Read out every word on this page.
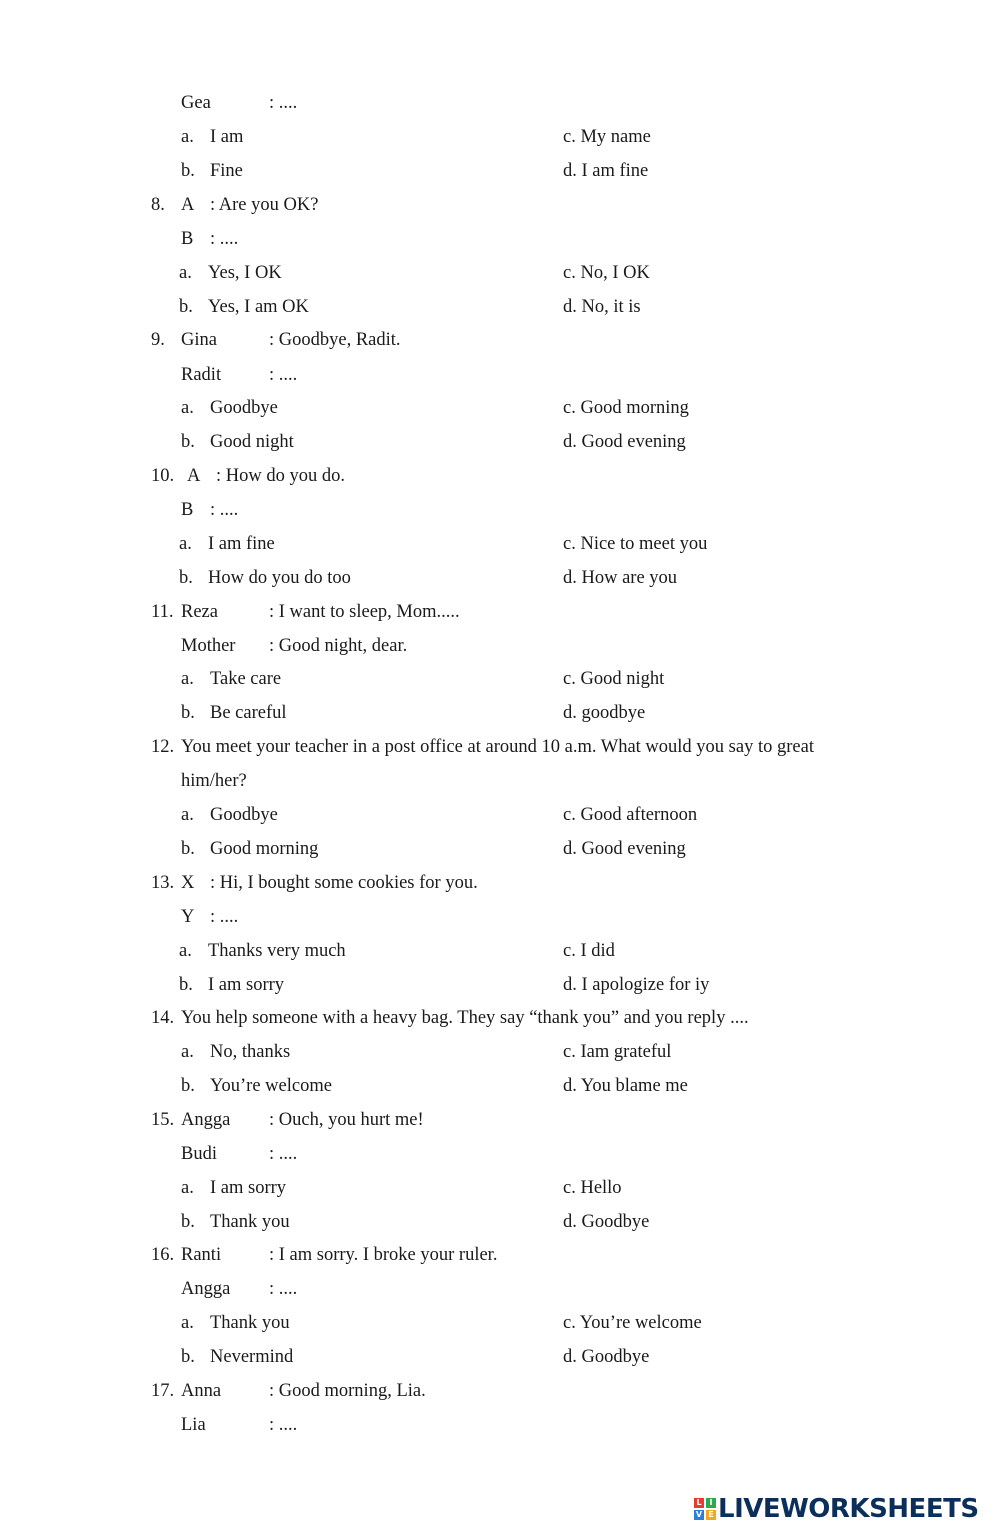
Gea	: ....
a. I am
b. Fine
c. My name
d. I am fine
8. A : Are you OK?
B : ....
a. Yes, I OK
b. Yes, I am OK
c. No, I OK
d. No, it is
9. Gina	: Goodbye, Radit.
Radit	: ....
a. Goodbye
b. Good night
c. Good morning
d. Good evening
10. A : How do you do.
B : ....
a. I am fine
b. How do you do too
c. Nice to meet you
d. How are you
11. Reza	: I want to sleep, Mom.....
Mother : Good night, dear.
a. Take care
b. Be careful
c. Good night
d. goodbye
12. You meet your teacher in a post office at around 10 a.m. What would you say to great
him/her?
a. Goodbye
b. Good morning
c. Good afternoon
d. Good evening
13. X : Hi, I bought some cookies for you.
Y : ....
a. Thanks very much
b. I am sorry
c. I did
d. I apologize for iy
14. You help someone with a heavy bag. They say “thank you” and you reply ....
a. No, thanks
b. You’re welcome
c. Iam grateful
d. You blame me
15. Angga : Ouch, you hurt me!
Budi	: ....
a. I am sorry
b. Thank you
c. Hello
d. Goodbye
16. Ranti	: I am sorry. I broke your ruler.
Angga : ....
a. Thank you
b. Nevermind
c. You’re welcome
d. Goodbye
17. Anna	: Good morning, Lia.
Lia	: ....
L I
V E LIVEWORKSHEETS
